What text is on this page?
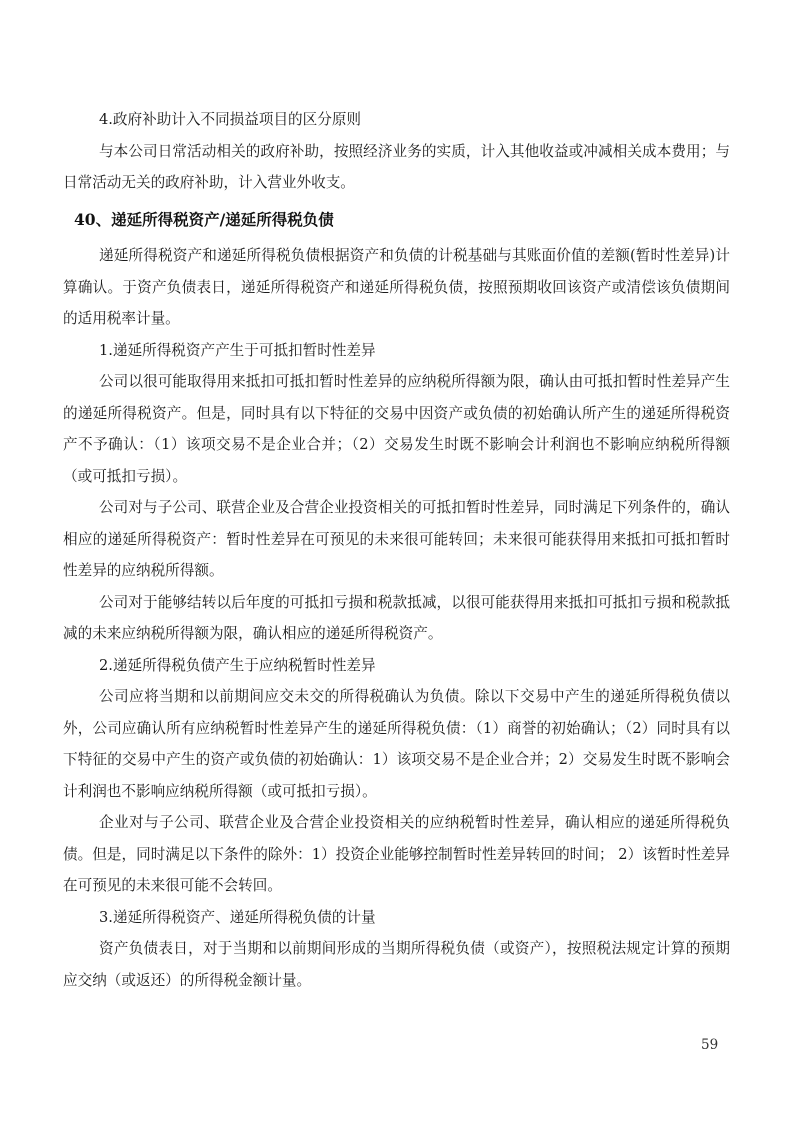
4.政府补助计入不同损益项目的区分原则

与本公司日常活动相关的政府补助，按照经济业务的实质，计入其他收益或冲减相关成本费用；与日常活动无关的政府补助，计入营业外收支。

40、递延所得税资产/递延所得税负债

递延所得税资产和递延所得税负债根据资产和负债的计税基础与其账面价值的差额(暂时性差异)计算确认。于资产负债表日，递延所得税资产和递延所得税负债，按照预期收回该资产或清偿该负债期间的适用税率计量。

1.递延所得税资产产生于可抵扣暂时性差异

公司以很可能取得用来抵扣可抵扣暂时性差异的应纳税所得额为限，确认由可抵扣暂时性差异产生的递延所得税资产。但是，同时具有以下特征的交易中因资产或负债的初始确认所产生的递延所得税资产不予确认：（1）该项交易不是企业合并；（2）交易发生时既不影响会计利润也不影响应纳税所得额（或可抵扣亏损）。

公司对与子公司、联营企业及合营企业投资相关的可抵扣暂时性差异，同时满足下列条件的，确认相应的递延所得税资产：暂时性差异在可预见的未来很可能转回；未来很可能获得用来抵扣可抵扣暂时性差异的应纳税所得额。

公司对于能够结转以后年度的可抵扣亏损和税款抵减，以很可能获得用来抵扣可抵扣亏损和税款抵减的未来应纳税所得额为限，确认相应的递延所得税资产。

2.递延所得税负债产生于应纳税暂时性差异

公司应将当期和以前期间应交未交的所得税确认为负债。除以下交易中产生的递延所得税负债以外，公司应确认所有应纳税暂时性差异产生的递延所得税负债：（1）商誉的初始确认；（2）同时具有以下特征的交易中产生的资产或负债的初始确认：1）该项交易不是企业合并；2）交易发生时既不影响会计利润也不影响应纳税所得额（或可抵扣亏损）。

企业对与子公司、联营企业及合营企业投资相关的应纳税暂时性差异，确认相应的递延所得税负债。但是，同时满足以下条件的除外：1）投资企业能够控制暂时性差异转回的时间； 2）该暂时性差异在可预见的未来很可能不会转回。

3.递延所得税资产、递延所得税负债的计量

资产负债表日，对于当期和以前期间形成的当期所得税负债（或资产），按照税法规定计算的预期应交纳（或返还）的所得税金额计量。

59
